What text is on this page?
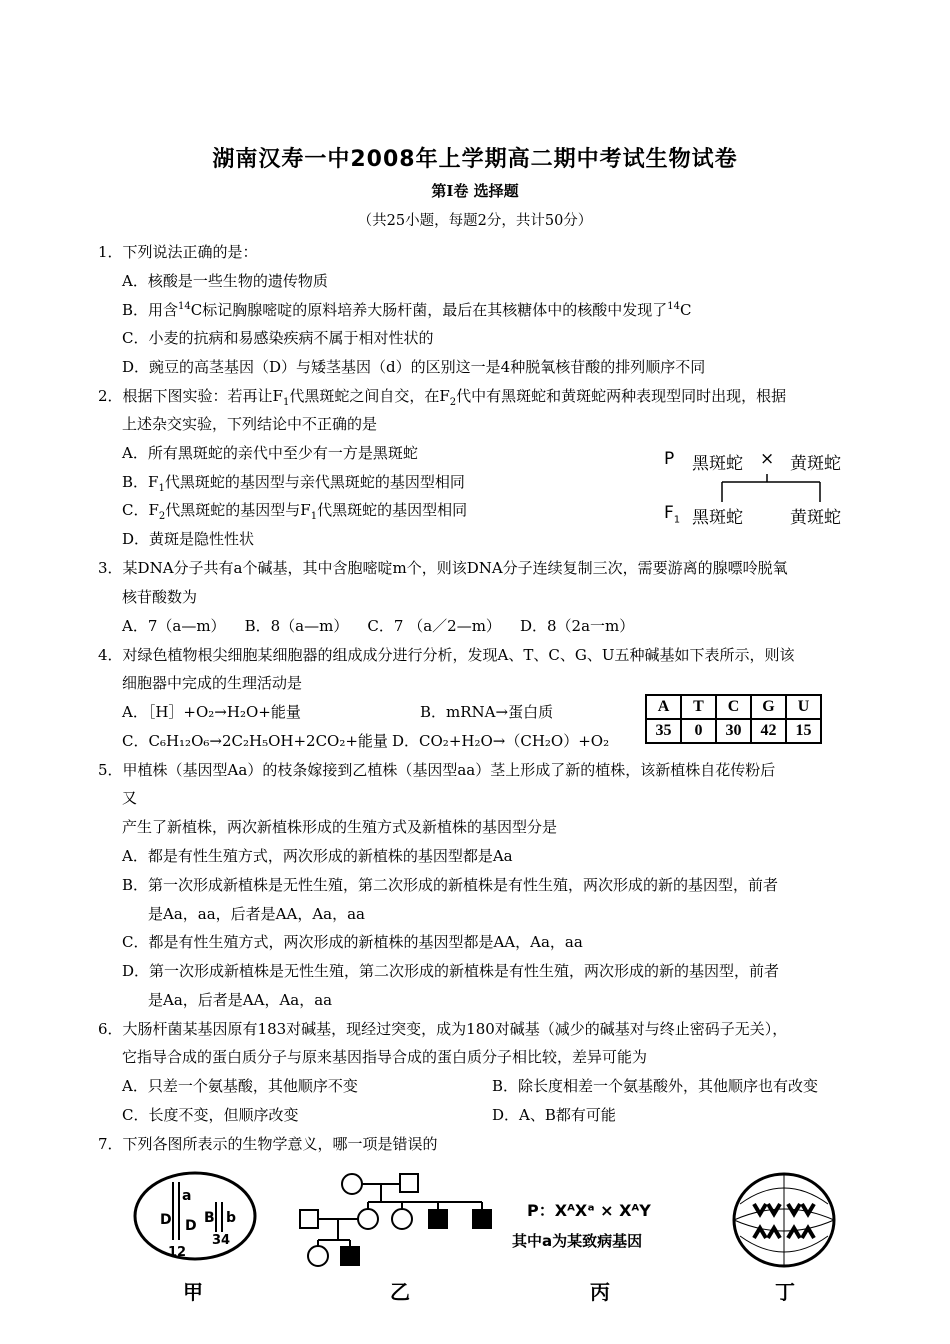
湖南汉寿一中2008年上学期高二期中考试生物试卷
第Ⅰ卷 选择题
（共25小题，每题2分，共计50分）
1．下列说法正确的是：
A．核酸是一些生物的遗传物质
B．用含$^{14}$C标记胸腺嘧啶的原料培养大肠杆菌，最后在其核糖体中的核酸中发现了$^{14}$C
C．小麦的抗病和易感染疾病不属于相对性状的
D．豌豆的高茎基因（D）与矮茎基因（d）的区别这一是4种脱氧核苷酸的排列顺序不同
2．根据下图实验：若再让$F_1$代黑斑蛇之间自交，在$F_2$代中有黑斑蛇和黄斑蛇两种表现型同时出现，根据
上述杂交实验，下列结论中不正确的是
A．所有黑斑蛇的亲代中至少有一方是黑斑蛇
B．$F_1$代黑斑蛇的基因型与亲代黑斑蛇的基因型相同
C．$F_2$代黑斑蛇的基因型与$F_1$代黑斑蛇的基因型相同
D．黄斑是隐性性状
P 黑斑蛇 × 黄斑蛇
$F_1$ 黑斑蛇	黄斑蛇
3．某DNA分子共有a个碱基，其中含胞嘧啶m个，则该DNA分子连续复制三次，需要游离的腺嘌呤脱氧
核苷酸数为
A．7（a—m）    B．8（a—m）    C．7 （a／2—m）    D．8（2a一m）
4．对绿色植物根尖细胞某细胞器的组成成分进行分析，发现A、T、C、G、U五种碱基如下表所示，则该
细胞器中完成的生理活动是
A．［H］+O₂→H₂O+能量	B．mRNA→蛋白质
C．C₆H₁₂O₆→2C₂H₅OH+2CO₂+能量 D．CO₂+H₂O→（CH₂O）+O₂
A	T	C	G	U
35	0	30	42	15
5．甲植株（基因型Aa）的枝条嫁接到乙植株（基因型aa）茎上形成了新的植株，该新植株自花传粉后
又
产生了新植株，两次新植株形成的生殖方式及新植株的基因型分是
A．都是有性生殖方式，两次形成的新植株的基因型都是Aa
B．第一次形成新植株是无性生殖，第二次形成的新植株是有性生殖，两次形成的新的基因型，前者
是Aa，aa，后者是AA，Aa，aa
C．都是有性生殖方式，两次形成的新植株的基因型都是AA，Aa，aa
D．第一次形成新植株是无性生殖，第二次形成的新植株是有性生殖，两次形成的新的基因型，前者
是Aa，后者是AA，Aa，aa
6．大肠杆菌某基因原有183对碱基，现经过突变，成为180对碱基（减少的碱基对与终止密码子无关），
它指导合成的蛋白质分子与原来基因指导合成的蛋白质分子相比较，差异可能为
A．只差一个氨基酸，其他顺序不变	B．除长度相差一个氨基酸外，其他顺序也有改变
C．长度不变，但顺序改变	D．A、B都有可能
7．下列各图所表示的生物学意义，哪一项是错误的
a
D D B b
12
34
甲	乙
P：XᴬXᵃ × XᴬY
其中a为某致病基因
丙	丁
